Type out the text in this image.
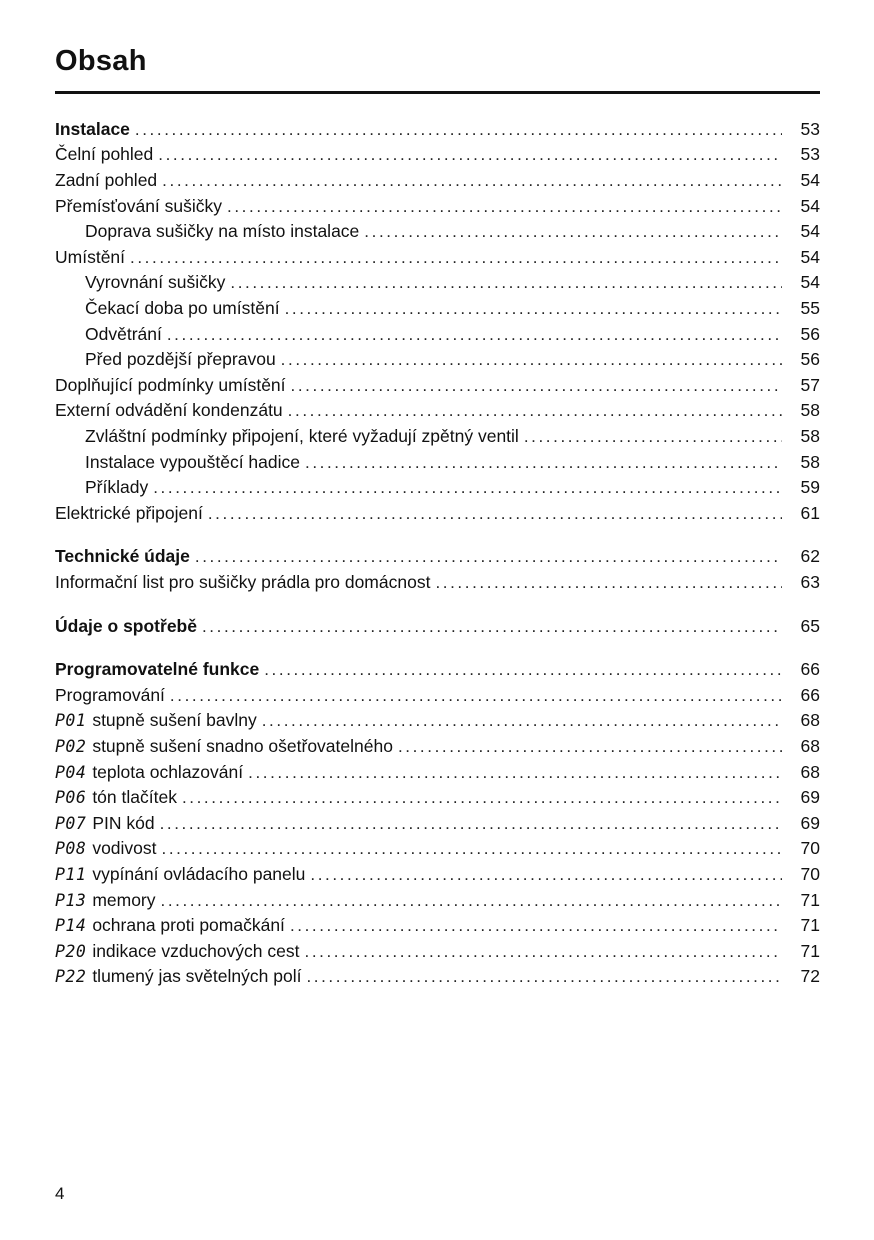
Obsah
Instalace .....	53
Čelní pohled .....	53
Zadní pohled .....	54
Přemísťování sušičky .....	54
Doprava sušičky na místo instalace .....	54
Umístění .....	54
Vyrovnání sušičky .....	54
Čekací doba po umístění .....	55
Odvětrání .....	56
Před pozdější přepravou .....	56
Doplňující podmínky umístění .....	57
Externí odvádění kondenzátu .....	58
Zvláštní podmínky připojení, které vyžadují zpětný ventil .....	58
Instalace vypouštěcí hadice .....	58
Příklady .....	59
Elektrické připojení .....	61
Technické údaje .....	62
Informační list pro sušičky prádla pro domácnost .....	63
Údaje o spotřebě .....	65
Programovatelné funkce .....	66
Programování .....	66
P01 stupně sušení bavlny .....	68
P02 stupně sušení snadno ošetřovatelného .....	68
P04 teplota ochlazování .....	68
P06 tón tlačítek .....	69
P07 PIN kód .....	69
P08 vodivost .....	70
P11 vypínání ovládacího panelu .....	70
P13 memory .....	71
P14 ochrana proti pomačkání .....	71
P20 indikace vzduchových cest .....	71
P22 tlumený jas světelných polí .....	72
4
